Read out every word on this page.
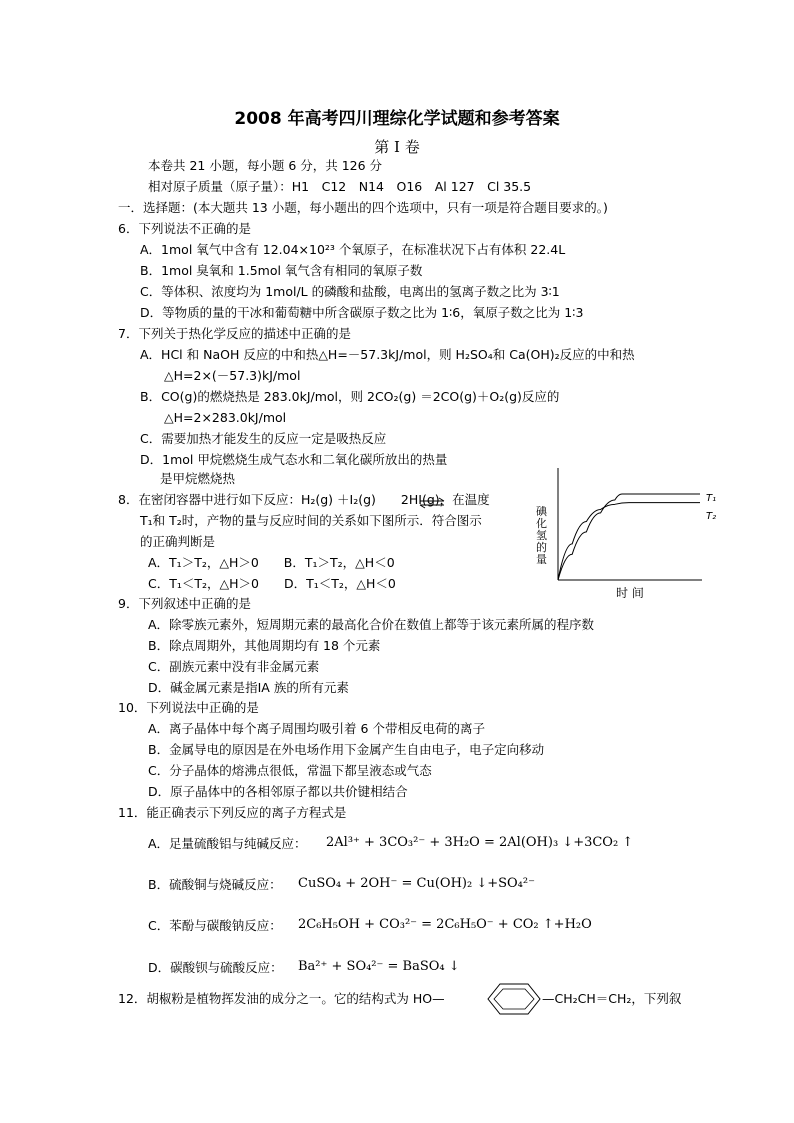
2008 年高考四川理综化学试题和参考答案
第 Ⅰ 卷
本卷共 21 小题，每小题 6 分，共 126 分
相对原子质量（原子量）：H1　C12　N14　O16　Al 127　Cl 35.5
一．选择题：(本大题共 13 小题，每小题出的四个选项中，只有一项是符合题目要求的。)
6．下列说法不正确的是
A．1mol 氧气中含有 12.04×10²³ 个氧原子，在标准状况下占有体积 22.4L
B．1mol 臭氧和 1.5mol 氧气含有相同的氧原子数
C．等体积、浓度均为 1mol/L 的磷酸和盐酸，电离出的氢离子数之比为 3∶1
D．等物质的量的干冰和葡萄糖中所含碳原子数之比为 1∶6，氧原子数之比为 1∶3
7．下列关于热化学反应的描述中正确的是
A．HCl 和 NaOH 反应的中和热△H=－57.3kJ/mol，则 H₂SO₄和 Ca(OH)₂反应的中和热
△H=2×(－57.3)kJ/mol
B．CO(g)的燃烧热是 283.0kJ/mol，则 2CO₂(g) ＝2CO(g)＋O₂(g)反应的
△H=2×283.0kJ/mol
C．需要加热才能发生的反应一定是吸热反应
D．1mol 甲烷燃烧生成气态水和二氧化碳所放出的热量
是甲烷燃烧热
8．在密闭容器中进行如下反应：H₂(g) ＋I₂(g)　　2HI(g)，在温度
T₁和 T₂时，产物的量与反应时间的关系如下图所示．符合图示
的正确判断是
A．T₁＞T₂，△H＞0　　B．T₁＞T₂，△H＜0
C．T₁＜T₂，△H＞0　　D．T₁＜T₂，△H＜0
碘化氢的量
时 间
T₁
T₂
9．下列叙述中正确的是
A．除零族元素外，短周期元素的最高化合价在数值上都等于该元素所属的程序数
B．除点周期外，其他周期均有 18 个元素
C．副族元素中没有非金属元素
D．碱金属元素是指ⅠA 族的所有元素
10．下列说法中正确的是
A．离子晶体中每个离子周围均吸引着 6 个带相反电荷的离子
B．金属导电的原因是在外电场作用下金属产生自由电子，电子定向移动
C．分子晶体的熔沸点很低，常温下都呈液态或气态
D．原子晶体中的各相邻原子都以共价键相结合
11．能正确表示下列反应的离子方程式是
A．足量硫酸铝与纯碱反应： 2Al³⁺ + 3CO₃²⁻ + 3H₂O = 2Al(OH)₃ ↓+3CO₂ ↑
B．硫酸铜与烧碱反应： CuSO₄ + 2OH⁻ = Cu(OH)₂ ↓+SO₄²⁻
C．苯酚与碳酸钠反应： 2C₆H₅OH + CO₃²⁻ = 2C₆H₅O⁻ + CO₂ ↑+H₂O
D．碳酸钡与硫酸反应： Ba²⁺ + SO₄²⁻ = BaSO₄ ↓
12．胡椒粉是植物挥发油的成分之一。它的结构式为 HO—	—CH₂CH＝CH₂，下列叙
